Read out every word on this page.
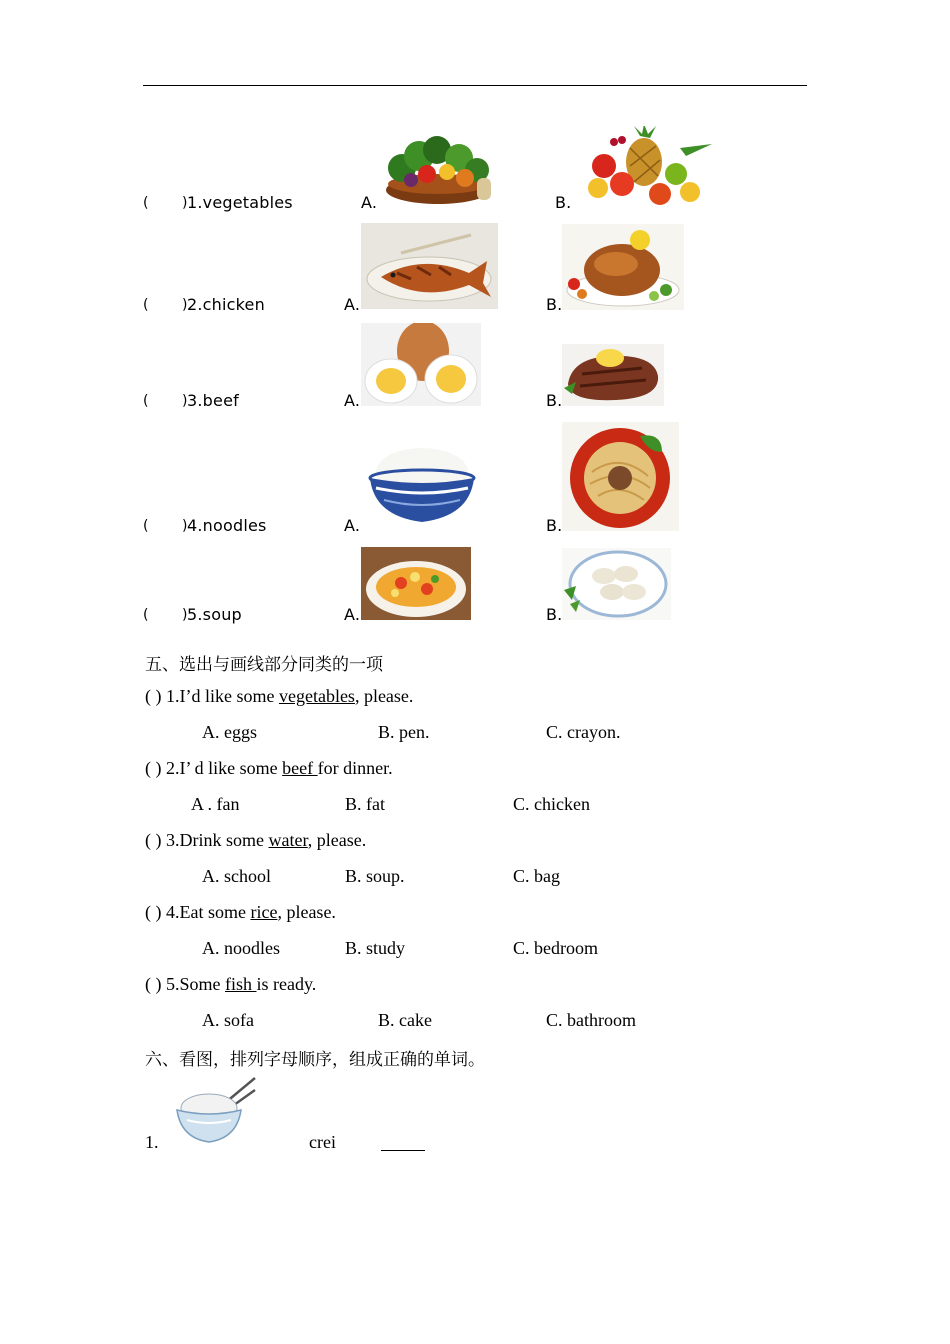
( ) 1.vegetables	A.	B.
( ) 2.chicken	A.	B.
( ) 3.beef	A.	B.
( ) 4.noodles	A.	B.
( ) 5.soup	A.	B.
五、选出与画线部分同类的一项
( ) 1.I’d like some vegetables, please.
A. eggs	B. pen.	C. crayon.
( ) 2.I’ d like some beef for dinner.
A . fan	B. fat	C. chicken
( ) 3.Drink some water, please.
A. school	B. soup.	C. bag
( ) 4.Eat some rice, please.
A. noodles	B. study	C. bedroom
( ) 5.Some fish is ready.
A. sofa	B. cake	C. bathroom
六、看图，排列字母顺序，组成正确的单词。
1.	crei
